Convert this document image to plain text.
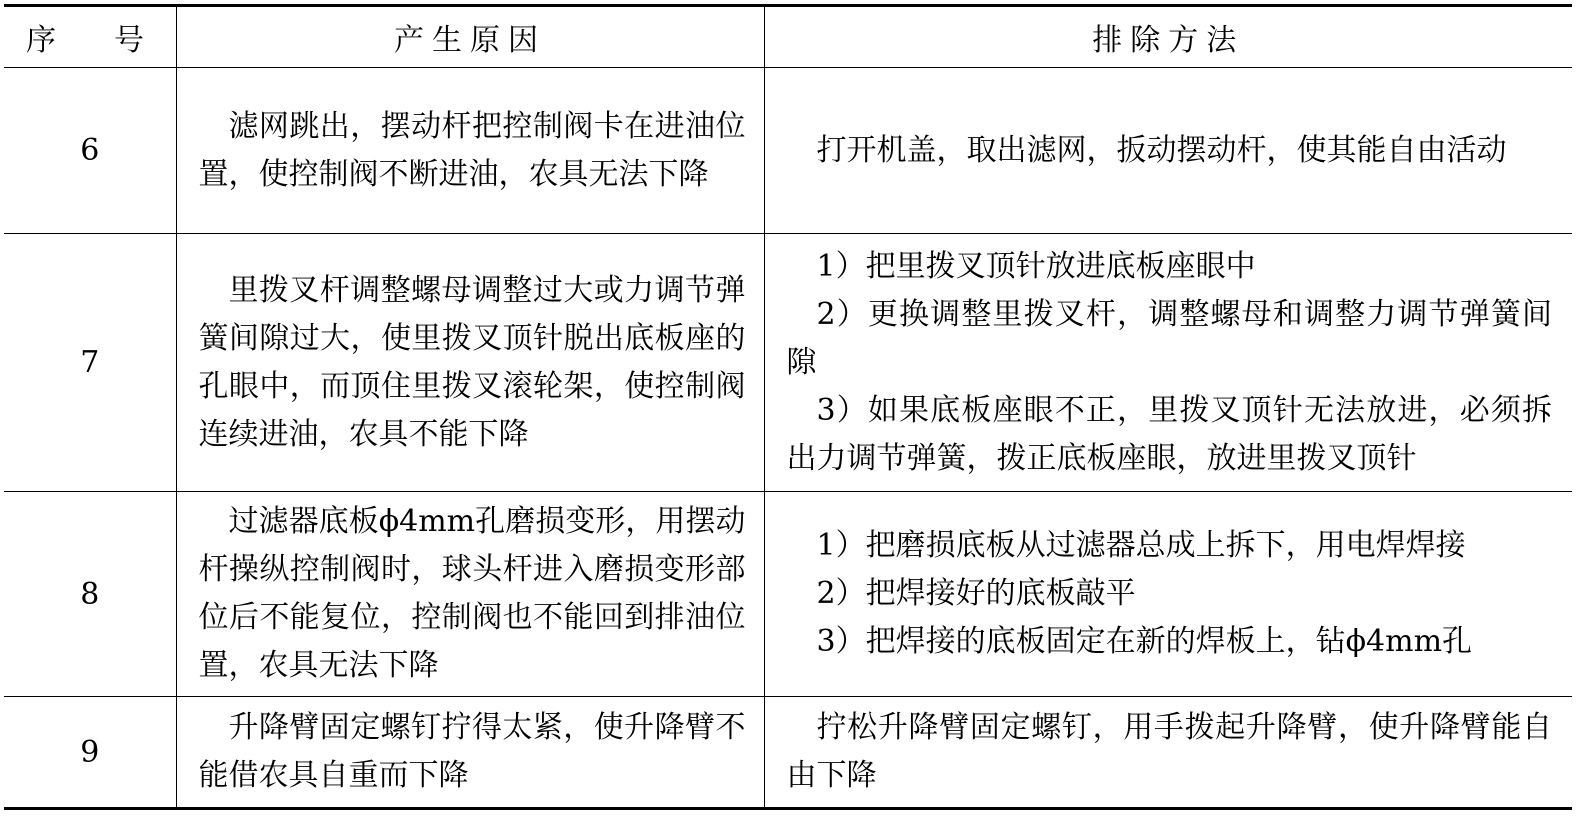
序 号	产生原因	排除方法
6	滤网跳出，摆动杆把控制阀卡在进油位置，使控制阀不断进油，农具无法下降	打开机盖，取出滤网，扳动摆动杆，使其能自由活动

7	里拨叉杆调整螺母调整过大或力调节弹簧间隙过大，使里拨叉顶针脱出底板座的孔眼中，而顶住里拨叉滚轮架，使控制阀连续进油，农具不能下降	1）把里拨叉顶针放进底板座眼中
2）更换调整里拨叉杆，调整螺母和调整力调节弹簧间隙
3）如果底板座眼不正，里拨叉顶针无法放进，必须拆出力调节弹簧，拨正底板座眼，放进里拨叉顶针

8	过滤器底板ϕ4mm孔磨损变形，用摆动杆操纵控制阀时，球头杆进入磨损变形部位后不能复位，控制阀也不能回到排油位置，农具无法下降	1）把磨损底板从过滤器总成上拆下，用电焊焊接
2）把焊接好的底板敲平
3）把焊接的底板固定在新的焊板上，钻ϕ4mm孔

9	升降臂固定螺钉拧得太紧，使升降臂不能借农具自重而下降	拧松升降臂固定螺钉，用手拨起升降臂，使升降臂能自由下降
